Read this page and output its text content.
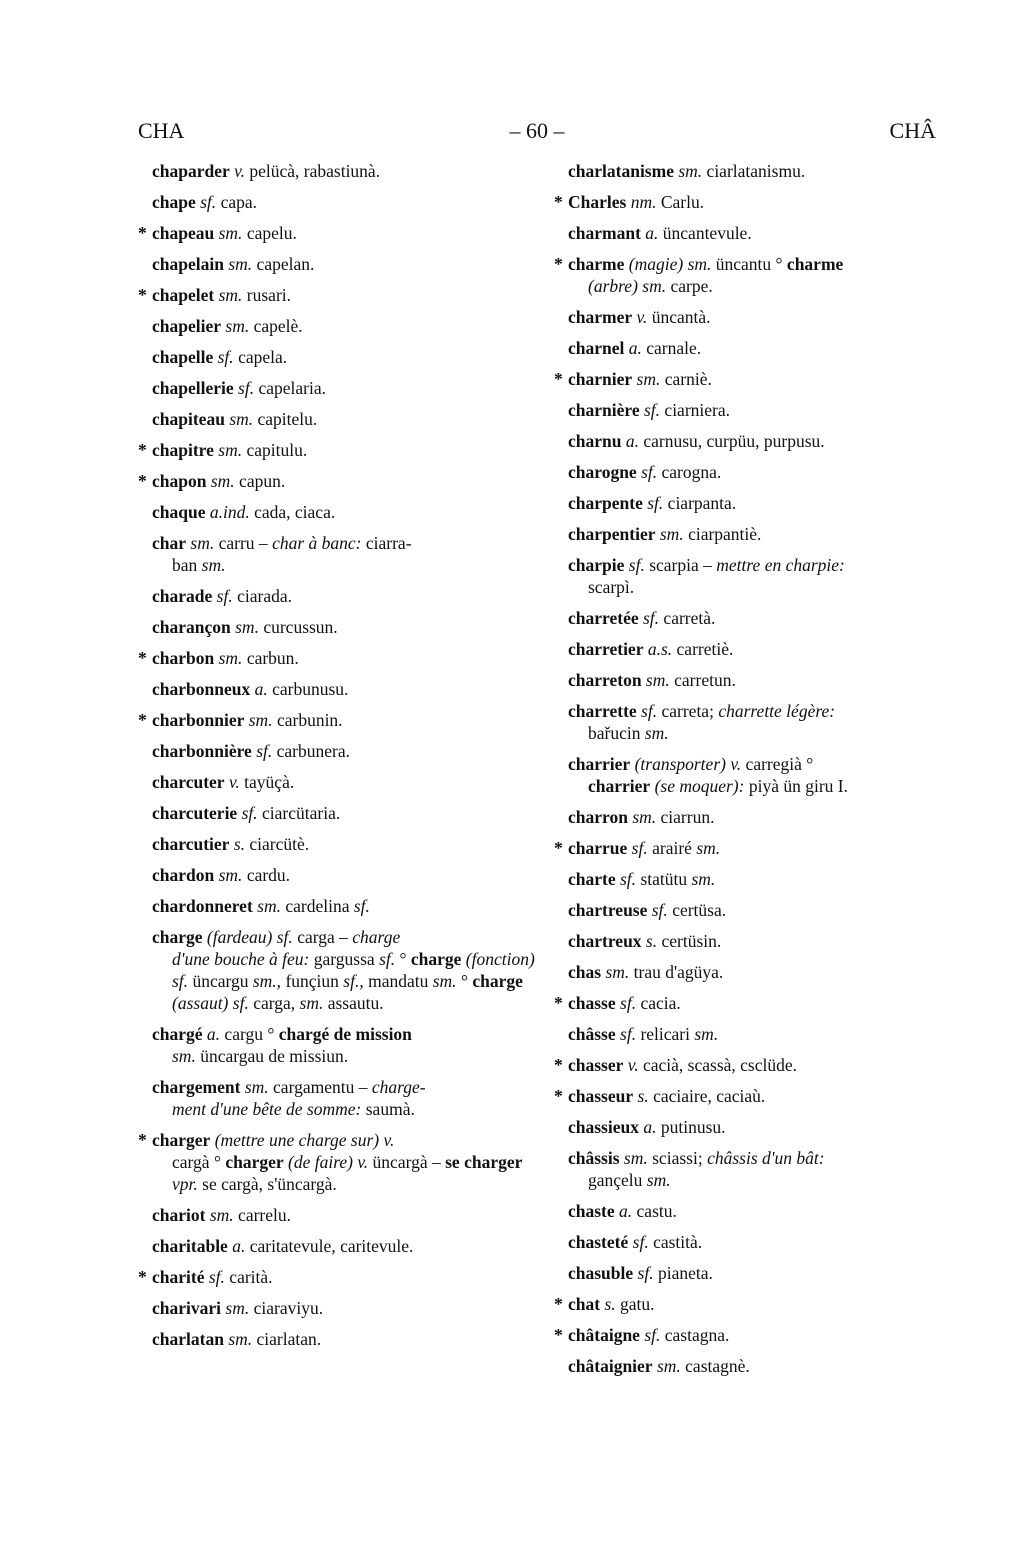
CHA	– 60 –	CHÂ
chaparder v. pelücà, rabastiunà.
chape sf. capa.
* chapeau sm. capelu.
chapelain sm. capelan.
* chapelet sm. rusari.
chapelier sm. capelè.
chapelle sf. capela.
chapellerie sf. capelaria.
chapiteau sm. capitelu.
* chapitre sm. capitulu.
* chapon sm. capun.
chaque a.ind. cada, ciaca.
char sm. carru – char à banc: ciarra-
ban sm.
charade sf. ciarada.
charançon sm. curcussun.
* charbon sm. carbun.
charbonneux a. carbunusu.
* charbonnier sm. carbunin.
charbonnière sf. carbunera.
charcuter v. tayüçà.
charcuterie sf. ciarcütaria.
charcutier s. ciarcütè.
chardon sm. cardu.
chardonneret sm. cardelina sf.
charge (fardeau) sf. carga – charge
d'une bouche à feu: gargussa sf. ° charge (fonction) sf. üncargu sm., funçiun sf., mandatu sm. ° charge (assaut) sf. carga, sm. assautu.
chargé a. cargu ° chargé de mission
sm. üncargau de missiun.
chargement sm. cargamentu – charge-
ment d'une bête de somme: saumà.
* charger (mettre une charge sur) v.
cargà ° charger (de faire) v. üncargà – se charger vpr. se cargà, s'üncargà.
chariot sm. carrelu.
charitable a. caritatevule, caritevule.
* charité sf. carità.
charivari sm. ciaraviyu.
charlatan sm. ciarlatan.
charlatanisme sm. ciarlatanismu.
* Charles nm. Carlu.
charmant a. üncantevule.
* charme (magie) sm. üncantu ° charme
(arbre) sm. carpe.
charmer v. üncantà.
charnel a. carnale.
* charnier sm. carniè.
charnière sf. ciarniera.
charnu a. carnusu, curpüu, purpusu.
charogne sf. carogna.
charpente sf. ciarpanta.
charpentier sm. ciarpantiè.
charpie sf. scarpia – mettre en charpie:
scarpì.
charretée sf. carretà.
charretier a.s. carretiè.
charreton sm. carretun.
charrette sf. carreta; charrette légère:
bařucin sm.
charrier (transporter) v. carregià °
charrier (se moquer): piyà ün giru I.
charron sm. ciarrun.
* charrue sf. arairé sm.
charte sf. statütu sm.
chartreuse sf. certüsa.
chartreux s. certüsin.
chas sm. trau d'agüya.
* chasse sf. cacia.
châsse sf. relicari sm.
* chasser v. cacià, scassà, csclüde.
* chasseur s. caciaire, caciaù.
chassieux a. putinusu.
châssis sm. sciassi; châssis d'un bât:
gançelu sm.
chaste a. castu.
chasteté sf. castità.
chasuble sf. pianeta.
* chat s. gatu.
* châtaigne sf. castagna.
châtaignier sm. castagnè.
